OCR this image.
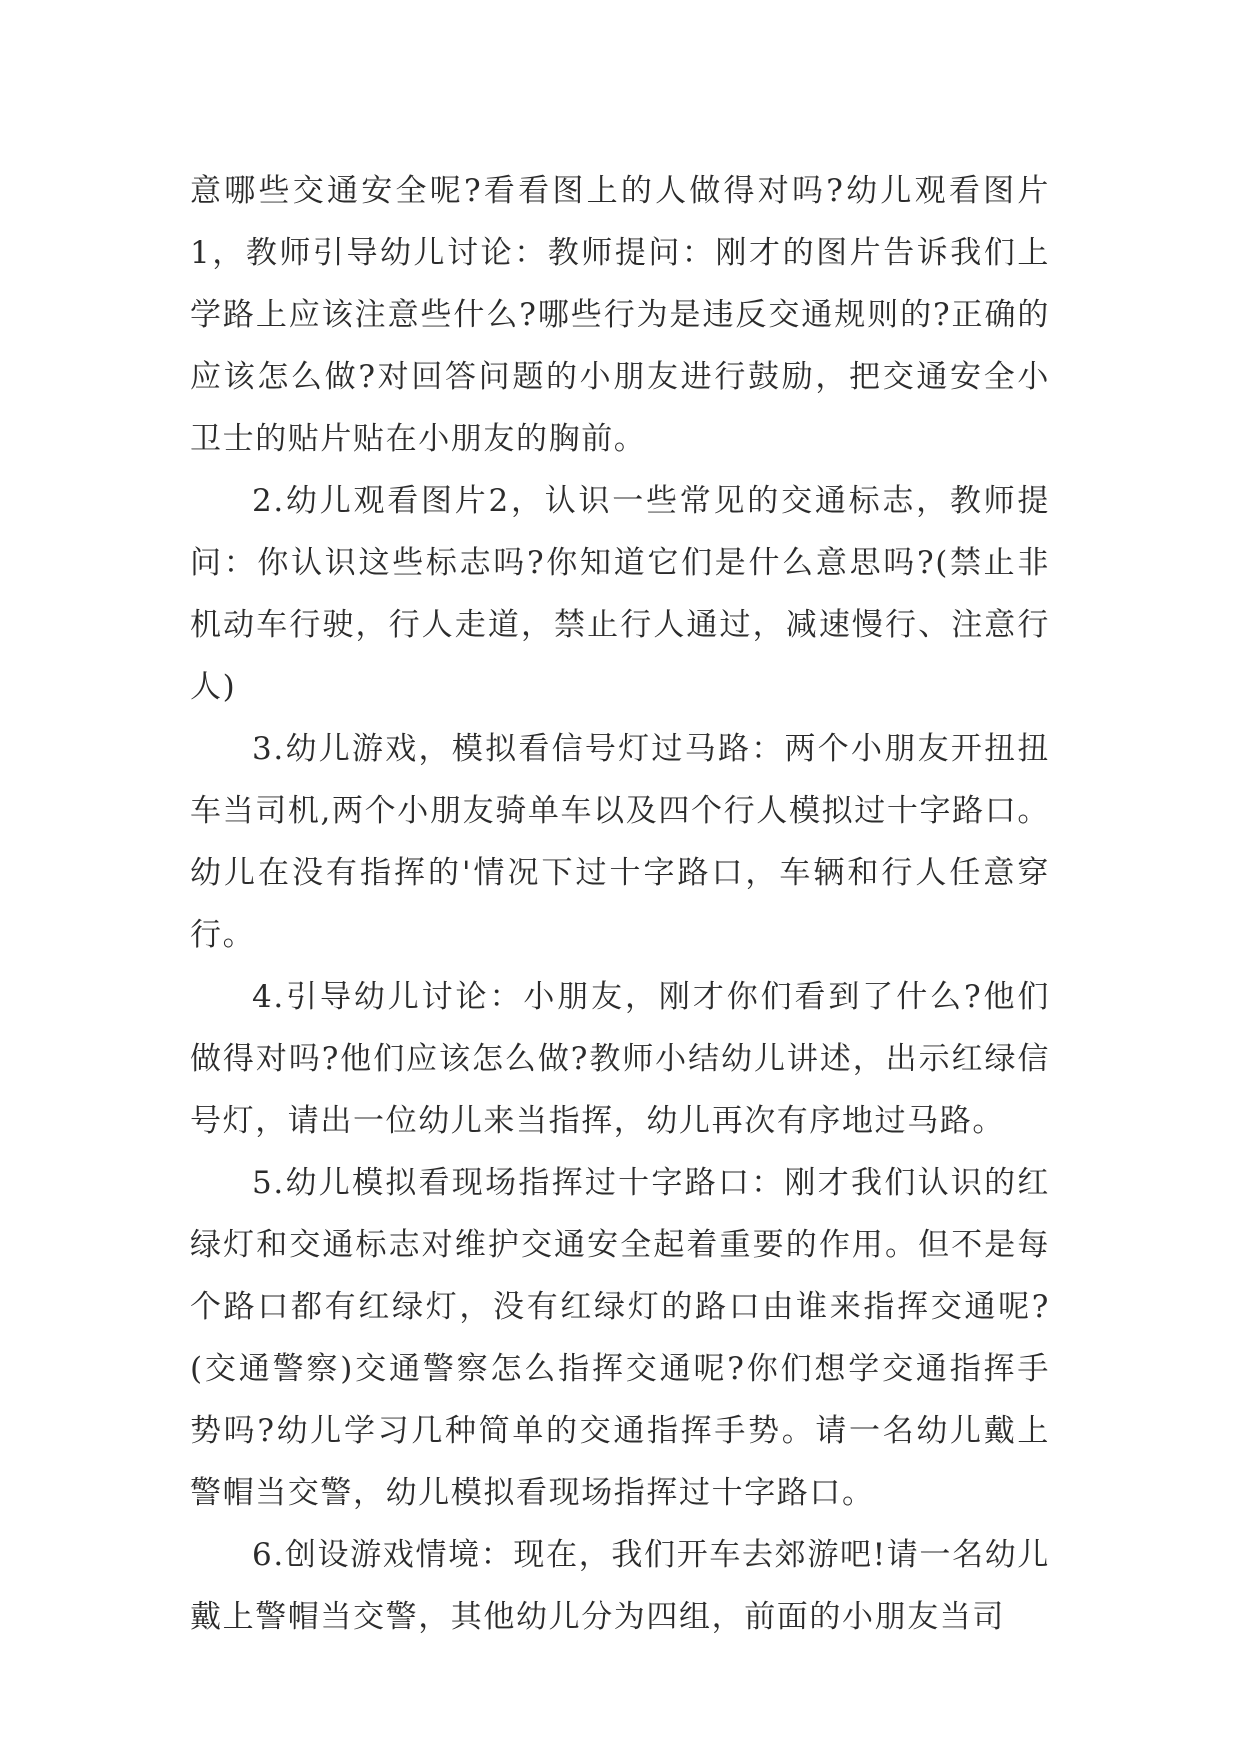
意哪些交通安全呢?看看图上的人做得对吗?幼儿观看图片1，教师引导幼儿讨论：教师提问：刚才的图片告诉我们上学路上应该注意些什么?哪些行为是违反交通规则的?正确的应该怎么做?对回答问题的小朋友进行鼓励，把交通安全小卫士的贴片贴在小朋友的胸前。

2.幼儿观看图片2，认识一些常见的交通标志，教师提问：你认识这些标志吗?你知道它们是什么意思吗?(禁止非机动车行驶，行人走道，禁止行人通过，减速慢行、注意行人)

3.幼儿游戏，模拟看信号灯过马路：两个小朋友开扭扭车当司机,两个小朋友骑单车以及四个行人模拟过十字路口。幼儿在没有指挥的'情况下过十字路口，车辆和行人任意穿行。

4.引导幼儿讨论：小朋友，刚才你们看到了什么?他们做得对吗?他们应该怎么做?教师小结幼儿讲述，出示红绿信号灯，请出一位幼儿来当指挥，幼儿再次有序地过马路。

5.幼儿模拟看现场指挥过十字路口：刚才我们认识的红绿灯和交通标志对维护交通安全起着重要的作用。但不是每个路口都有红绿灯，没有红绿灯的路口由谁来指挥交通呢?(交通警察)交通警察怎么指挥交通呢?你们想学交通指挥手势吗?幼儿学习几种简单的交通指挥手势。请一名幼儿戴上警帽当交警，幼儿模拟看现场指挥过十字路口。

6.创设游戏情境：现在，我们开车去郊游吧!请一名幼儿戴上警帽当交警，其他幼儿分为四组，前面的小朋友当司
